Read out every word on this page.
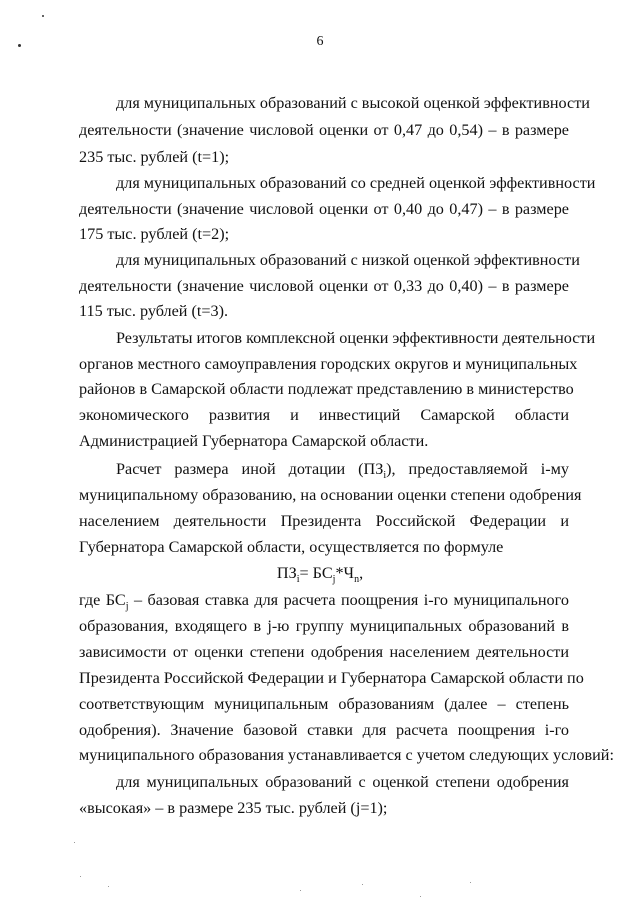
6
для муниципальных образований с высокой оценкой эффективности
деятельности (значение числовой оценки от 0,47 до 0,54) – в размере
235 тыс. рублей (t=1);
для муниципальных образований со средней оценкой эффективности
деятельности (значение числовой оценки от 0,40 до 0,47) – в размере
175 тыс. рублей (t=2);
для муниципальных образований с низкой оценкой эффективности
деятельности (значение числовой оценки от 0,33 до 0,40) – в размере
115 тыс. рублей (t=3).
Результаты итогов комплексной оценки эффективности деятельности
органов местного самоуправления городских округов и муниципальных
районов в Самарской области подлежат представлению в министерство
экономического развития и инвестиций Самарской области
Администрацией Губернатора Самарской области.
Расчет размера иной дотации $(ПЗ_i)$, предоставляемой i-му
муниципальному образованию, на основании оценки степени одобрения
населением деятельности Президента Российской Федерации и
Губернатора Самарской области, осуществляется по формуле
$ПЗ_i= БС_j*Ч_n$,
где $БС_j$ – базовая ставка для расчета поощрения i-го муниципального
образования, входящего в j-ю группу муниципальных образований в
зависимости от оценки степени одобрения населением деятельности
Президента Российской Федерации и Губернатора Самарской области по
соответствующим муниципальным образованиям (далее – степень
одобрения). Значение базовой ставки для расчета поощрения i-го
муниципального образования устанавливается с учетом следующих условий:
для муниципальных образований с оценкой степени одобрения
«высокая» – в размере 235 тыс. рублей (j=1);
